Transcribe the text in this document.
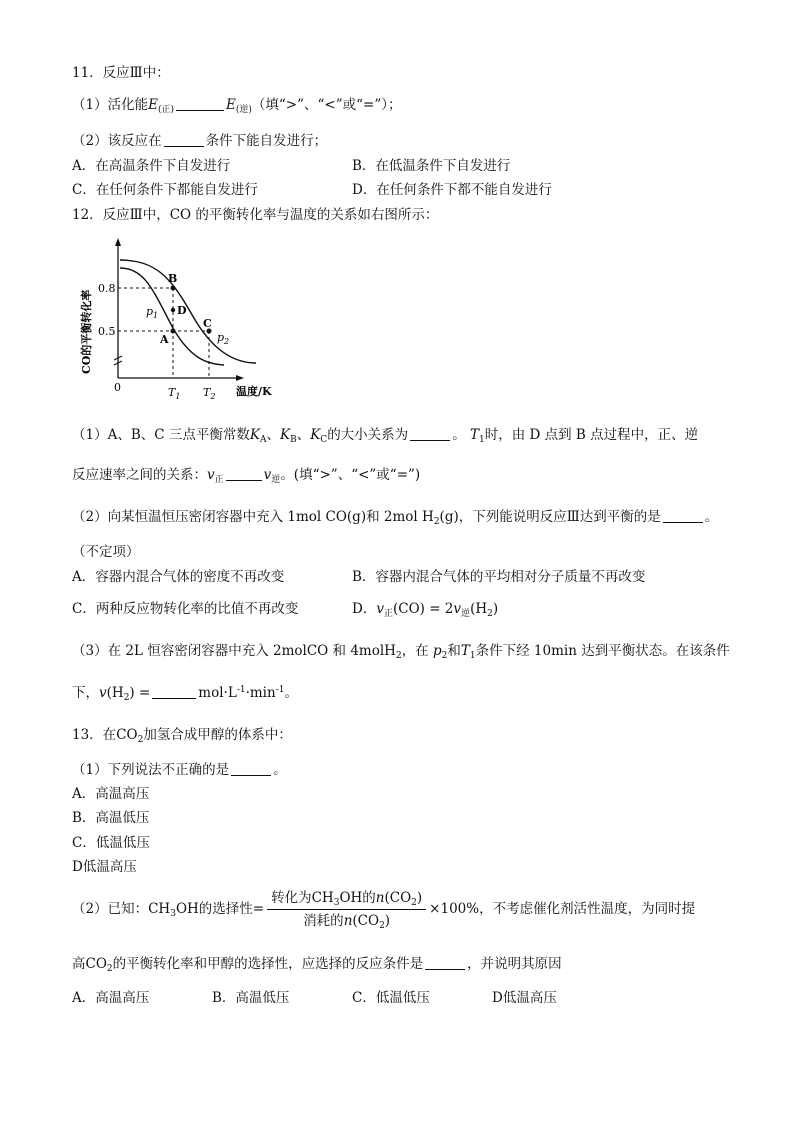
11．反应Ⅲ中：
（1）活化能$E_{(正)}$	$E_{(逆)}$（填“>”、“<”或“=”）；
（2）该反应在	条件下能自发进行；
A．在高温条件下自发进行	B．在低温条件下自发进行
C．在任何条件下都能自发进行	D．在任何条件下都不能自发进行
12．反应Ⅲ中，CO 的平衡转化率与温度的关系如右图所示：
0.8
0.5
0
B
D
A
C
$p_1$
$p_2$
$T_1$ $T_2$ 温度/K
CO的平衡转化率
（1）A、B、C 三点平衡常数$K_A$、$K_B$、$K_C$的大小关系为	。 $T_1$时，由 D 点到 B 点过程中，正、逆
反应速率之间的关系：$v_正$	$v_逆$。(填“>”、“<”或“=”)
（2）向某恒温恒压密闭容器中充入 1mol CO(g)和 2mol $H_2(g)$，下列能说明反应Ⅲ达到平衡的是	。
（不定项）
A．容器内混合气体的密度不再改变	B．容器内混合气体的平均相对分子质量不再改变
C．两种反应物转化率的比值不再改变	D．$v_正(CO) = 2v_逆(H_2)$
（3）在 2L 恒容密闭容器中充入 2molCO 和 4molH$_2$，在 $p_2$和$T_1$条件下经 10min 达到平衡状态。在该条件
下，$v(H_2)$ =	$mol\cdot L^{-1}\cdot\min^{-1}$。
13．在$CO_2$加氢合成甲醇的体系中：
（1）下列说法不正确的是	。
A．高温高压
B．高温低压
C．低温低压
D低温高压
（2）已知：$CH_3OH$的选择性= $\frac{转化为CH_3OH的n(CO_2)}{消耗的n(CO_2)} \times 100\%$，不考虑催化剂活性温度，为同时提
高$CO_2$的平衡转化率和甲醇的选择性，应选择的反应条件是	，并说明其原因
A．高温高压	B．高温低压	C．低温低压	D低温高压
